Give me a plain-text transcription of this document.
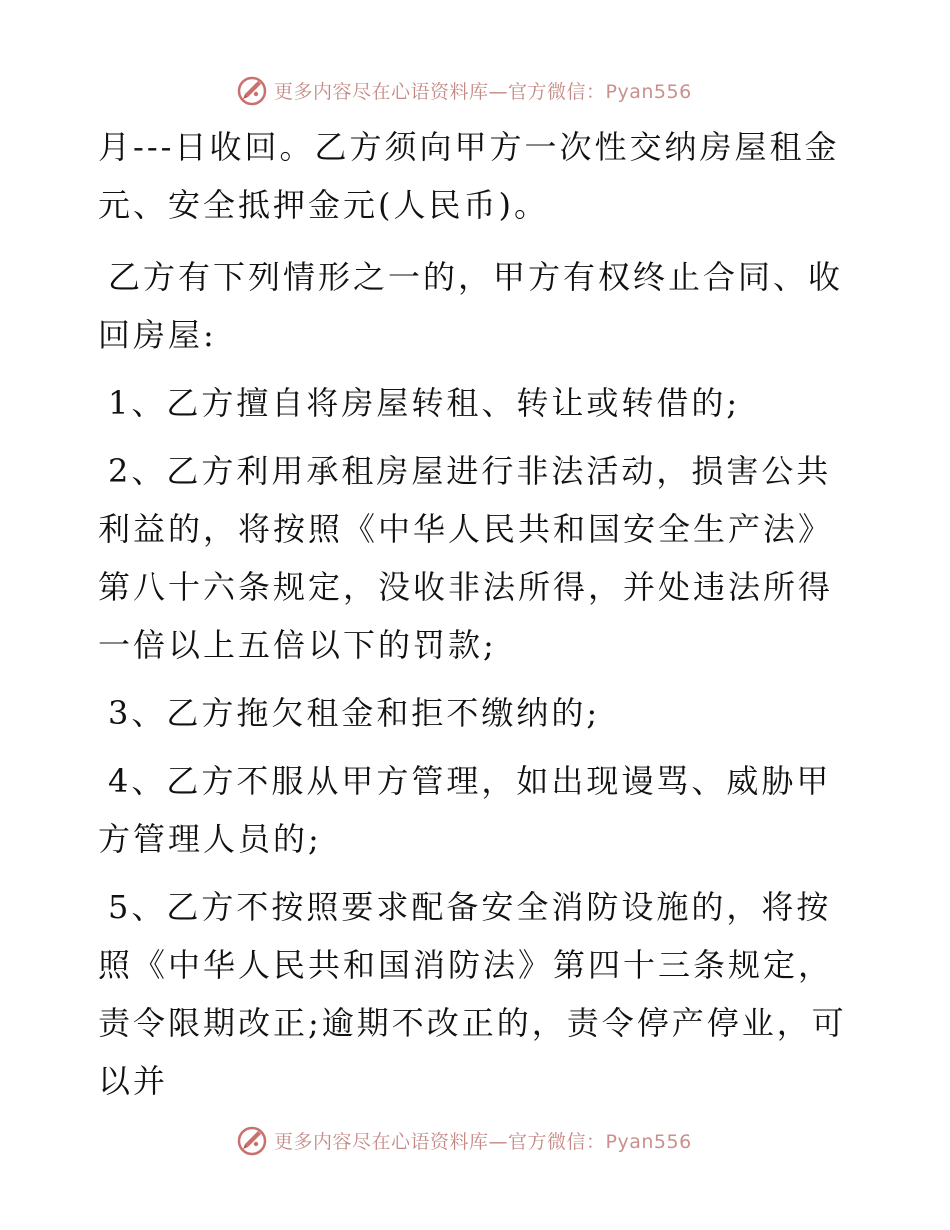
更多内容尽在心语资料库—官方微信：Pyan556

月---日收回。乙方须向甲方一次性交纳房屋租金元、安全抵押金元(人民币)。

乙方有下列情形之一的，甲方有权终止合同、收回房屋:

1、乙方擅自将房屋转租、转让或转借的;

2、乙方利用承租房屋进行非法活动，损害公共利益的，将按照《中华人民共和国安全生产法》第八十六条规定，没收非法所得，并处违法所得一倍以上五倍以下的罚款;

3、乙方拖欠租金和拒不缴纳的;

4、乙方不服从甲方管理，如出现谩骂、威胁甲方管理人员的;

5、乙方不按照要求配备安全消防设施的，将按照《中华人民共和国消防法》第四十三条规定，责令限期改正;逾期不改正的，责令停产停业，可以并

更多内容尽在心语资料库—官方微信：Pyan556
